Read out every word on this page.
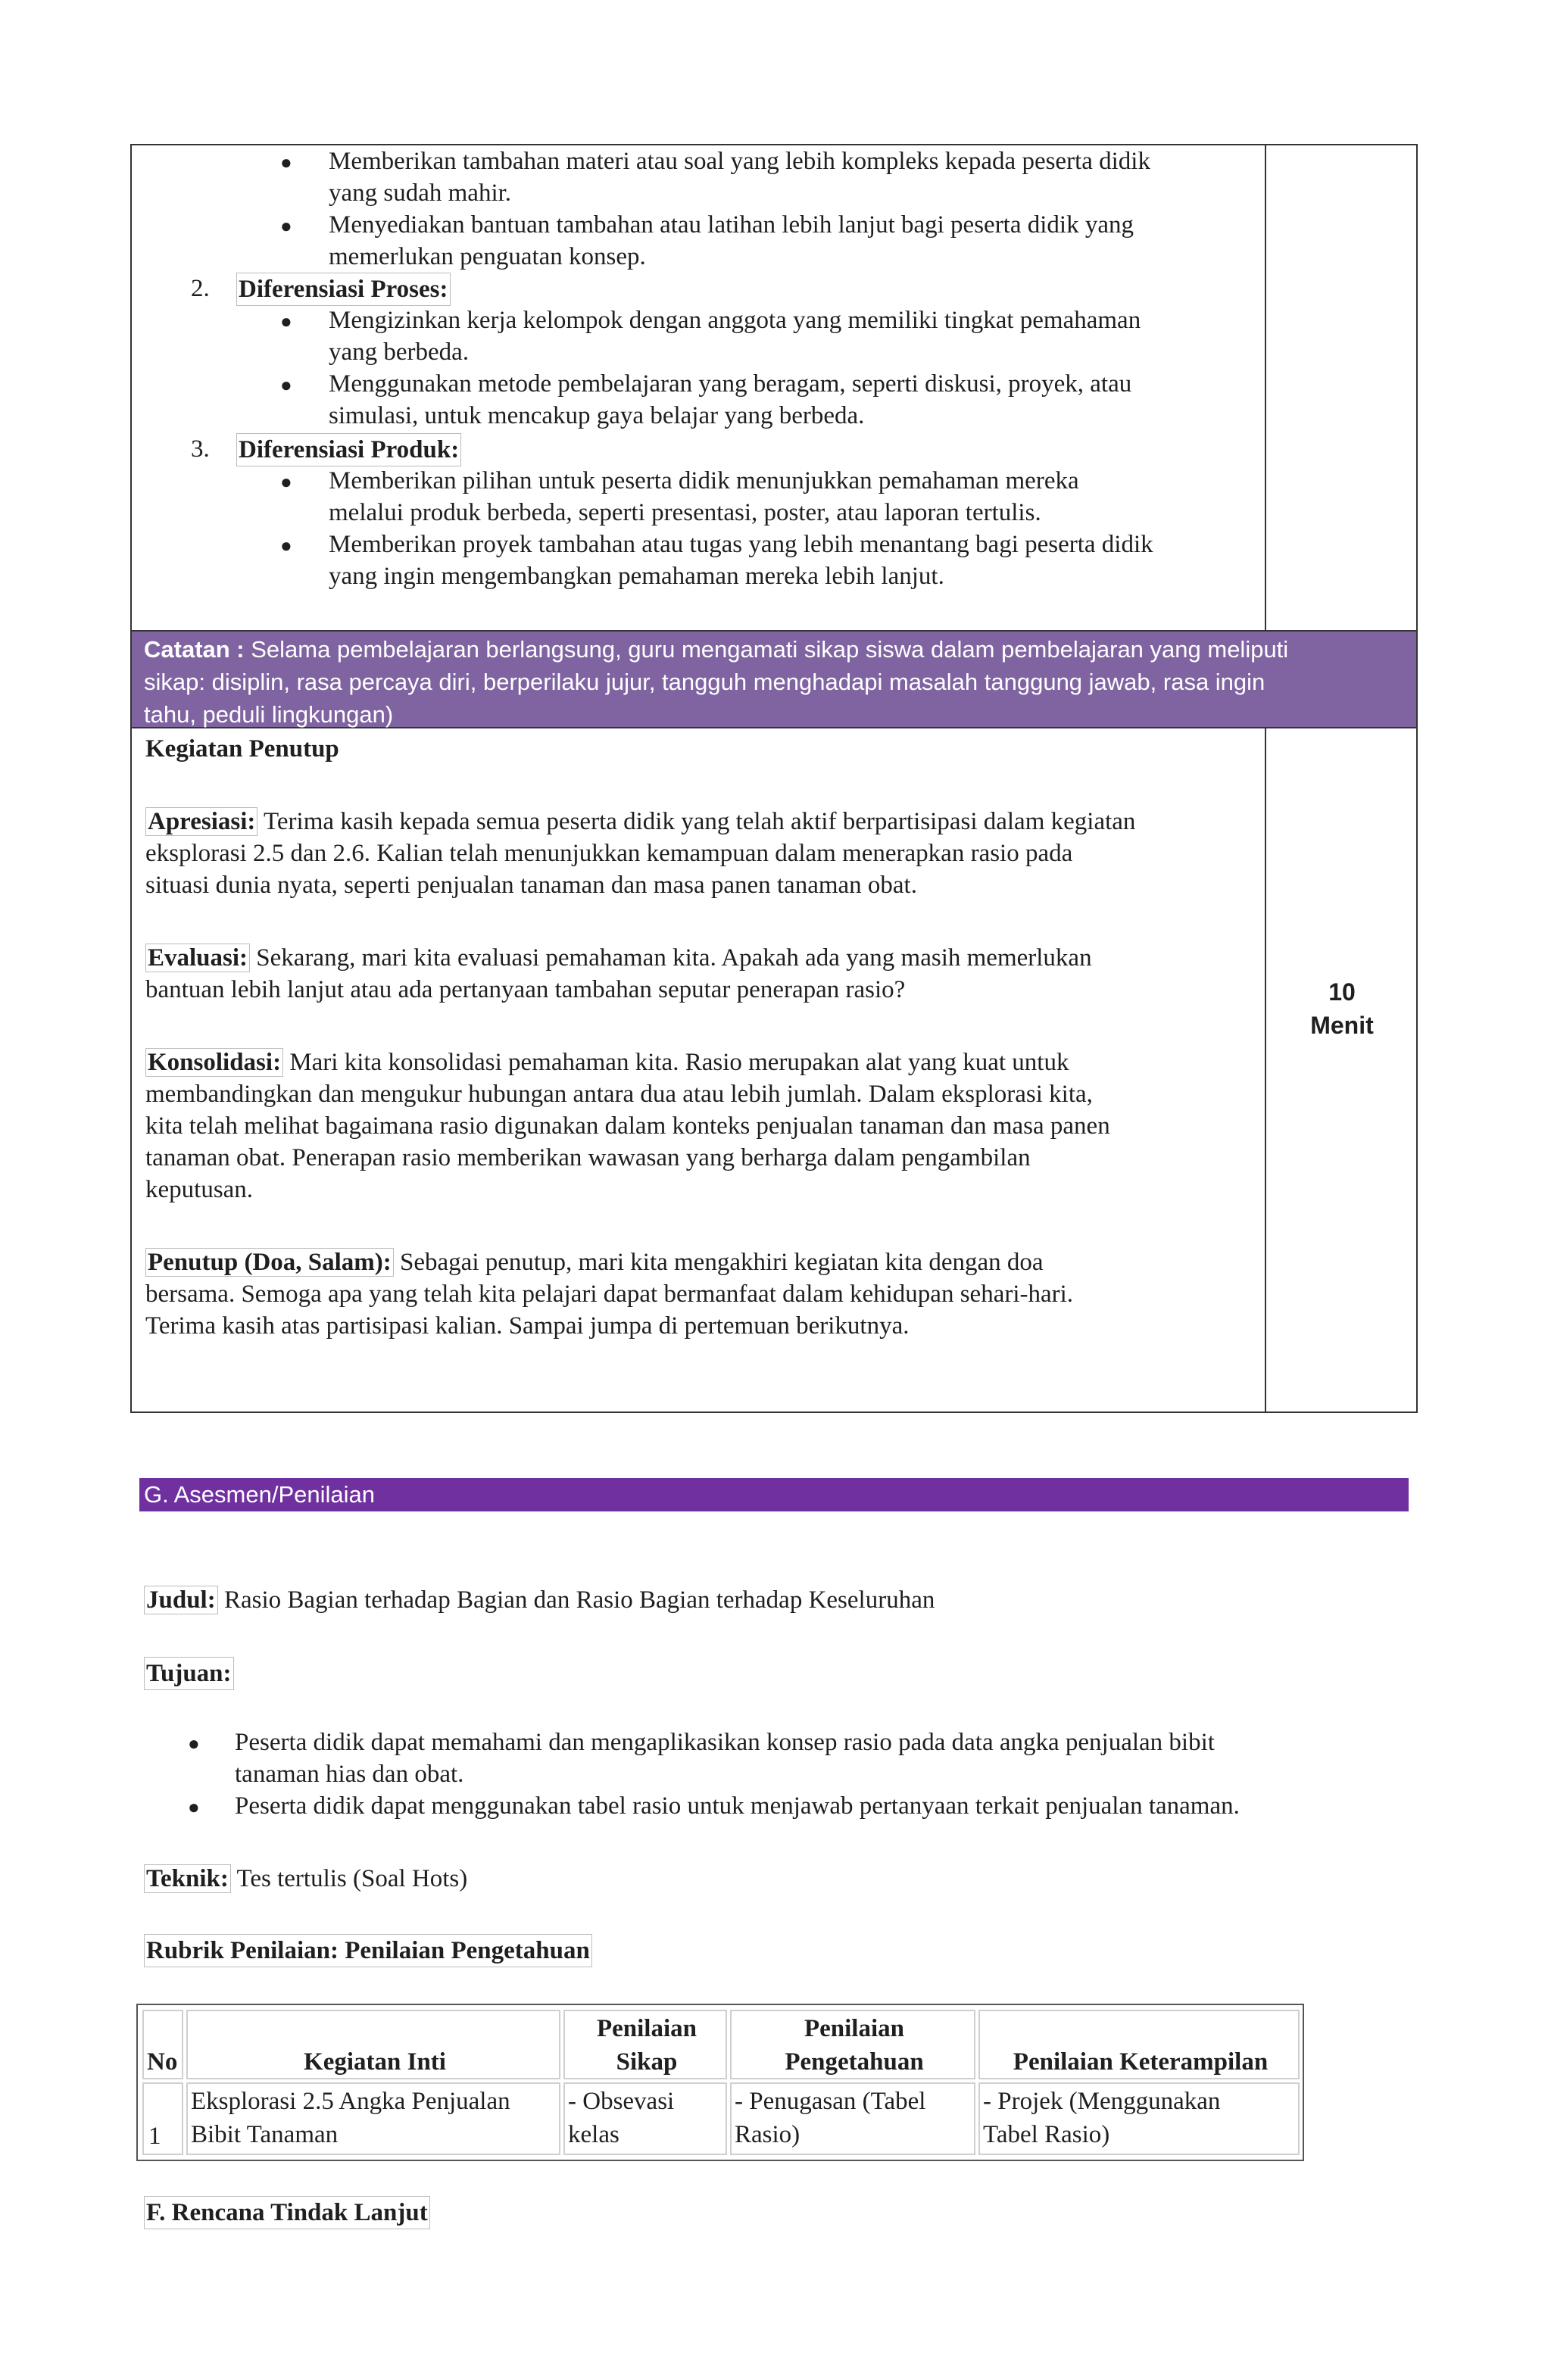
● Memberikan tambahan materi atau soal yang lebih kompleks kepada peserta didik
yang sudah mahir.
● Menyediakan bantuan tambahan atau latihan lebih lanjut bagi peserta didik yang
memerlukan penguatan konsep.
2. Diferensiasi Proses:
● Mengizinkan kerja kelompok dengan anggota yang memiliki tingkat pemahaman
yang berbeda.
● Menggunakan metode pembelajaran yang beragam, seperti diskusi, proyek, atau
simulasi, untuk mencakup gaya belajar yang berbeda.
3. Diferensiasi Produk:
● Memberikan pilihan untuk peserta didik menunjukkan pemahaman mereka
melalui produk berbeda, seperti presentasi, poster, atau laporan tertulis.
● Memberikan proyek tambahan atau tugas yang lebih menantang bagi peserta didik
yang ingin mengembangkan pemahaman mereka lebih lanjut.
Catatan : Selama pembelajaran berlangsung, guru mengamati sikap siswa dalam pembelajaran yang meliputi
sikap: disiplin, rasa percaya diri, berperilaku jujur, tangguh menghadapi masalah tanggung jawab, rasa ingin
tahu, peduli lingkungan)
Kegiatan Penutup
Apresiasi: Terima kasih kepada semua peserta didik yang telah aktif berpartisipasi dalam kegiatan
eksplorasi 2.5 dan 2.6. Kalian telah menunjukkan kemampuan dalam menerapkan rasio pada
situasi dunia nyata, seperti penjualan tanaman dan masa panen tanaman obat.
Evaluasi: Sekarang, mari kita evaluasi pemahaman kita. Apakah ada yang masih memerlukan
bantuan lebih lanjut atau ada pertanyaan tambahan seputar penerapan rasio?
Konsolidasi: Mari kita konsolidasi pemahaman kita. Rasio merupakan alat yang kuat untuk
membandingkan dan mengukur hubungan antara dua atau lebih jumlah. Dalam eksplorasi kita,
kita telah melihat bagaimana rasio digunakan dalam konteks penjualan tanaman dan masa panen
tanaman obat. Penerapan rasio memberikan wawasan yang berharga dalam pengambilan
keputusan.
Penutup (Doa, Salam): Sebagai penutup, mari kita mengakhiri kegiatan kita dengan doa
bersama. Semoga apa yang telah kita pelajari dapat bermanfaat dalam kehidupan sehari-hari.
Terima kasih atas partisipasi kalian. Sampai jumpa di pertemuan berikutnya.
10
Menit
G. Asesmen/Penilaian
Judul: Rasio Bagian terhadap Bagian dan Rasio Bagian terhadap Keseluruhan
Tujuan:
● Peserta didik dapat memahami dan mengaplikasikan konsep rasio pada data angka penjualan bibit
tanaman hias dan obat.
● Peserta didik dapat menggunakan tabel rasio untuk menjawab pertanyaan terkait penjualan tanaman.
Teknik: Tes tertulis (Soal Hots)
Rubrik Penilaian: Penilaian Pengetahuan
No	Kegiatan Inti
Penilaian
Sikap
Penilaian
Pengetahuan	Penilaian Keterampilan
1
Eksplorasi 2.5 Angka Penjualan
Bibit Tanaman
- Obsevasi
kelas
- Penugasan (Tabel
Rasio)
- Projek (Menggunakan
Tabel Rasio)
F. Rencana Tindak Lanjut
